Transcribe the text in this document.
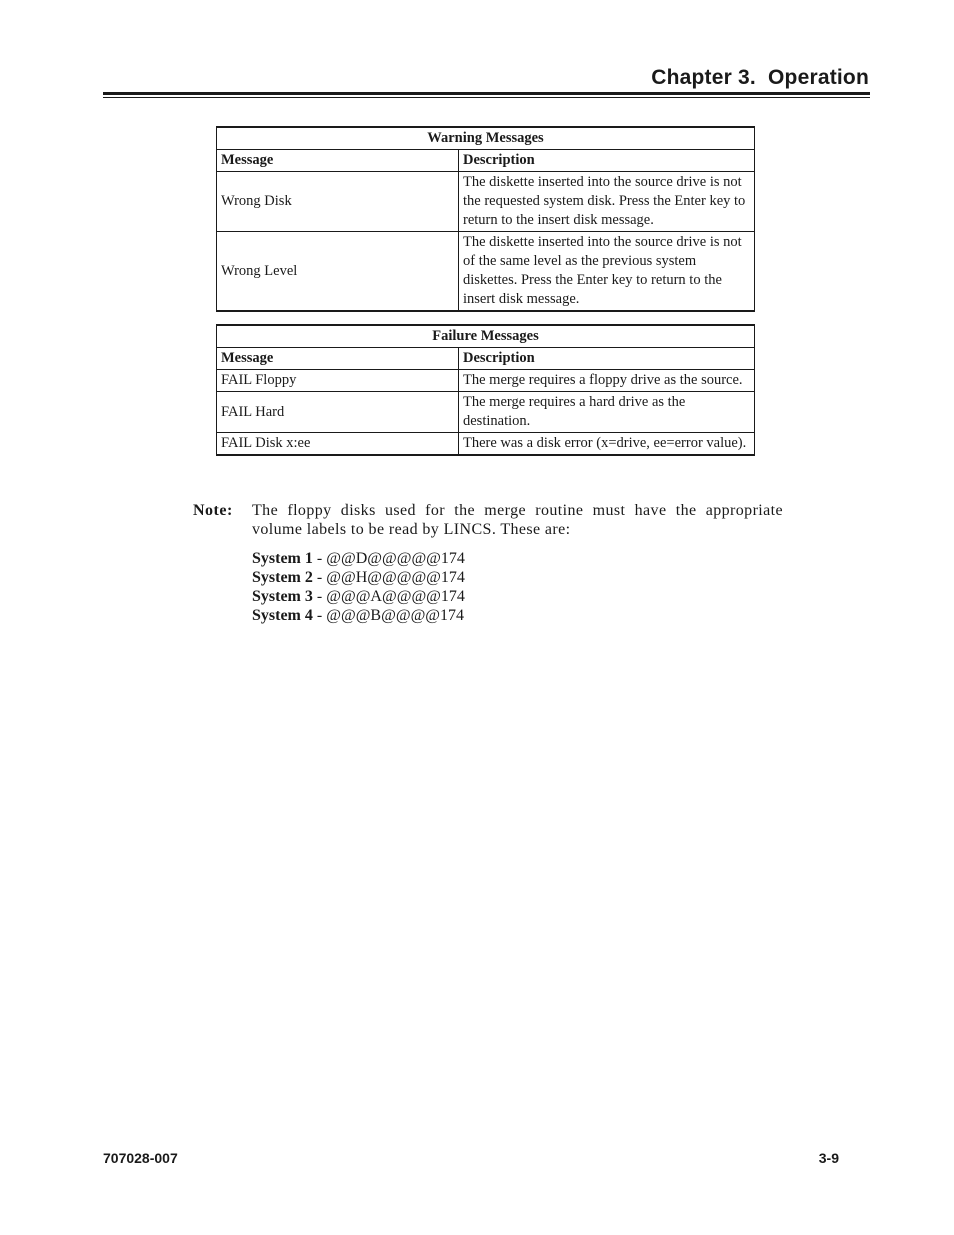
Chapter 3.  Operation
Warning Messages	
Message	Description
Wrong Disk	The diskette inserted into the source drive is not the requested system disk. Press the Enter key to return to the insert disk message.
Wrong Level	The diskette inserted into the source drive is not of the same level as the previous system diskettes. Press the Enter key to return to the insert disk message.
Failure Messages	
Message	Description
FAIL Floppy	The merge requires a floppy drive as the source.
FAIL Hard	The merge requires a hard drive as the destination.
FAIL Disk x:ee	There was a disk error (x=drive, ee=error value).
Note: The floppy disks used for the merge routine must have the appropriate volume labels to be read by LINCS. These are:
System 1 - @@D@@@@@174
System 2 - @@H@@@@@174
System 3 - @@@A@@@@174
System 4 - @@@B@@@@174
707028-007	3-9
